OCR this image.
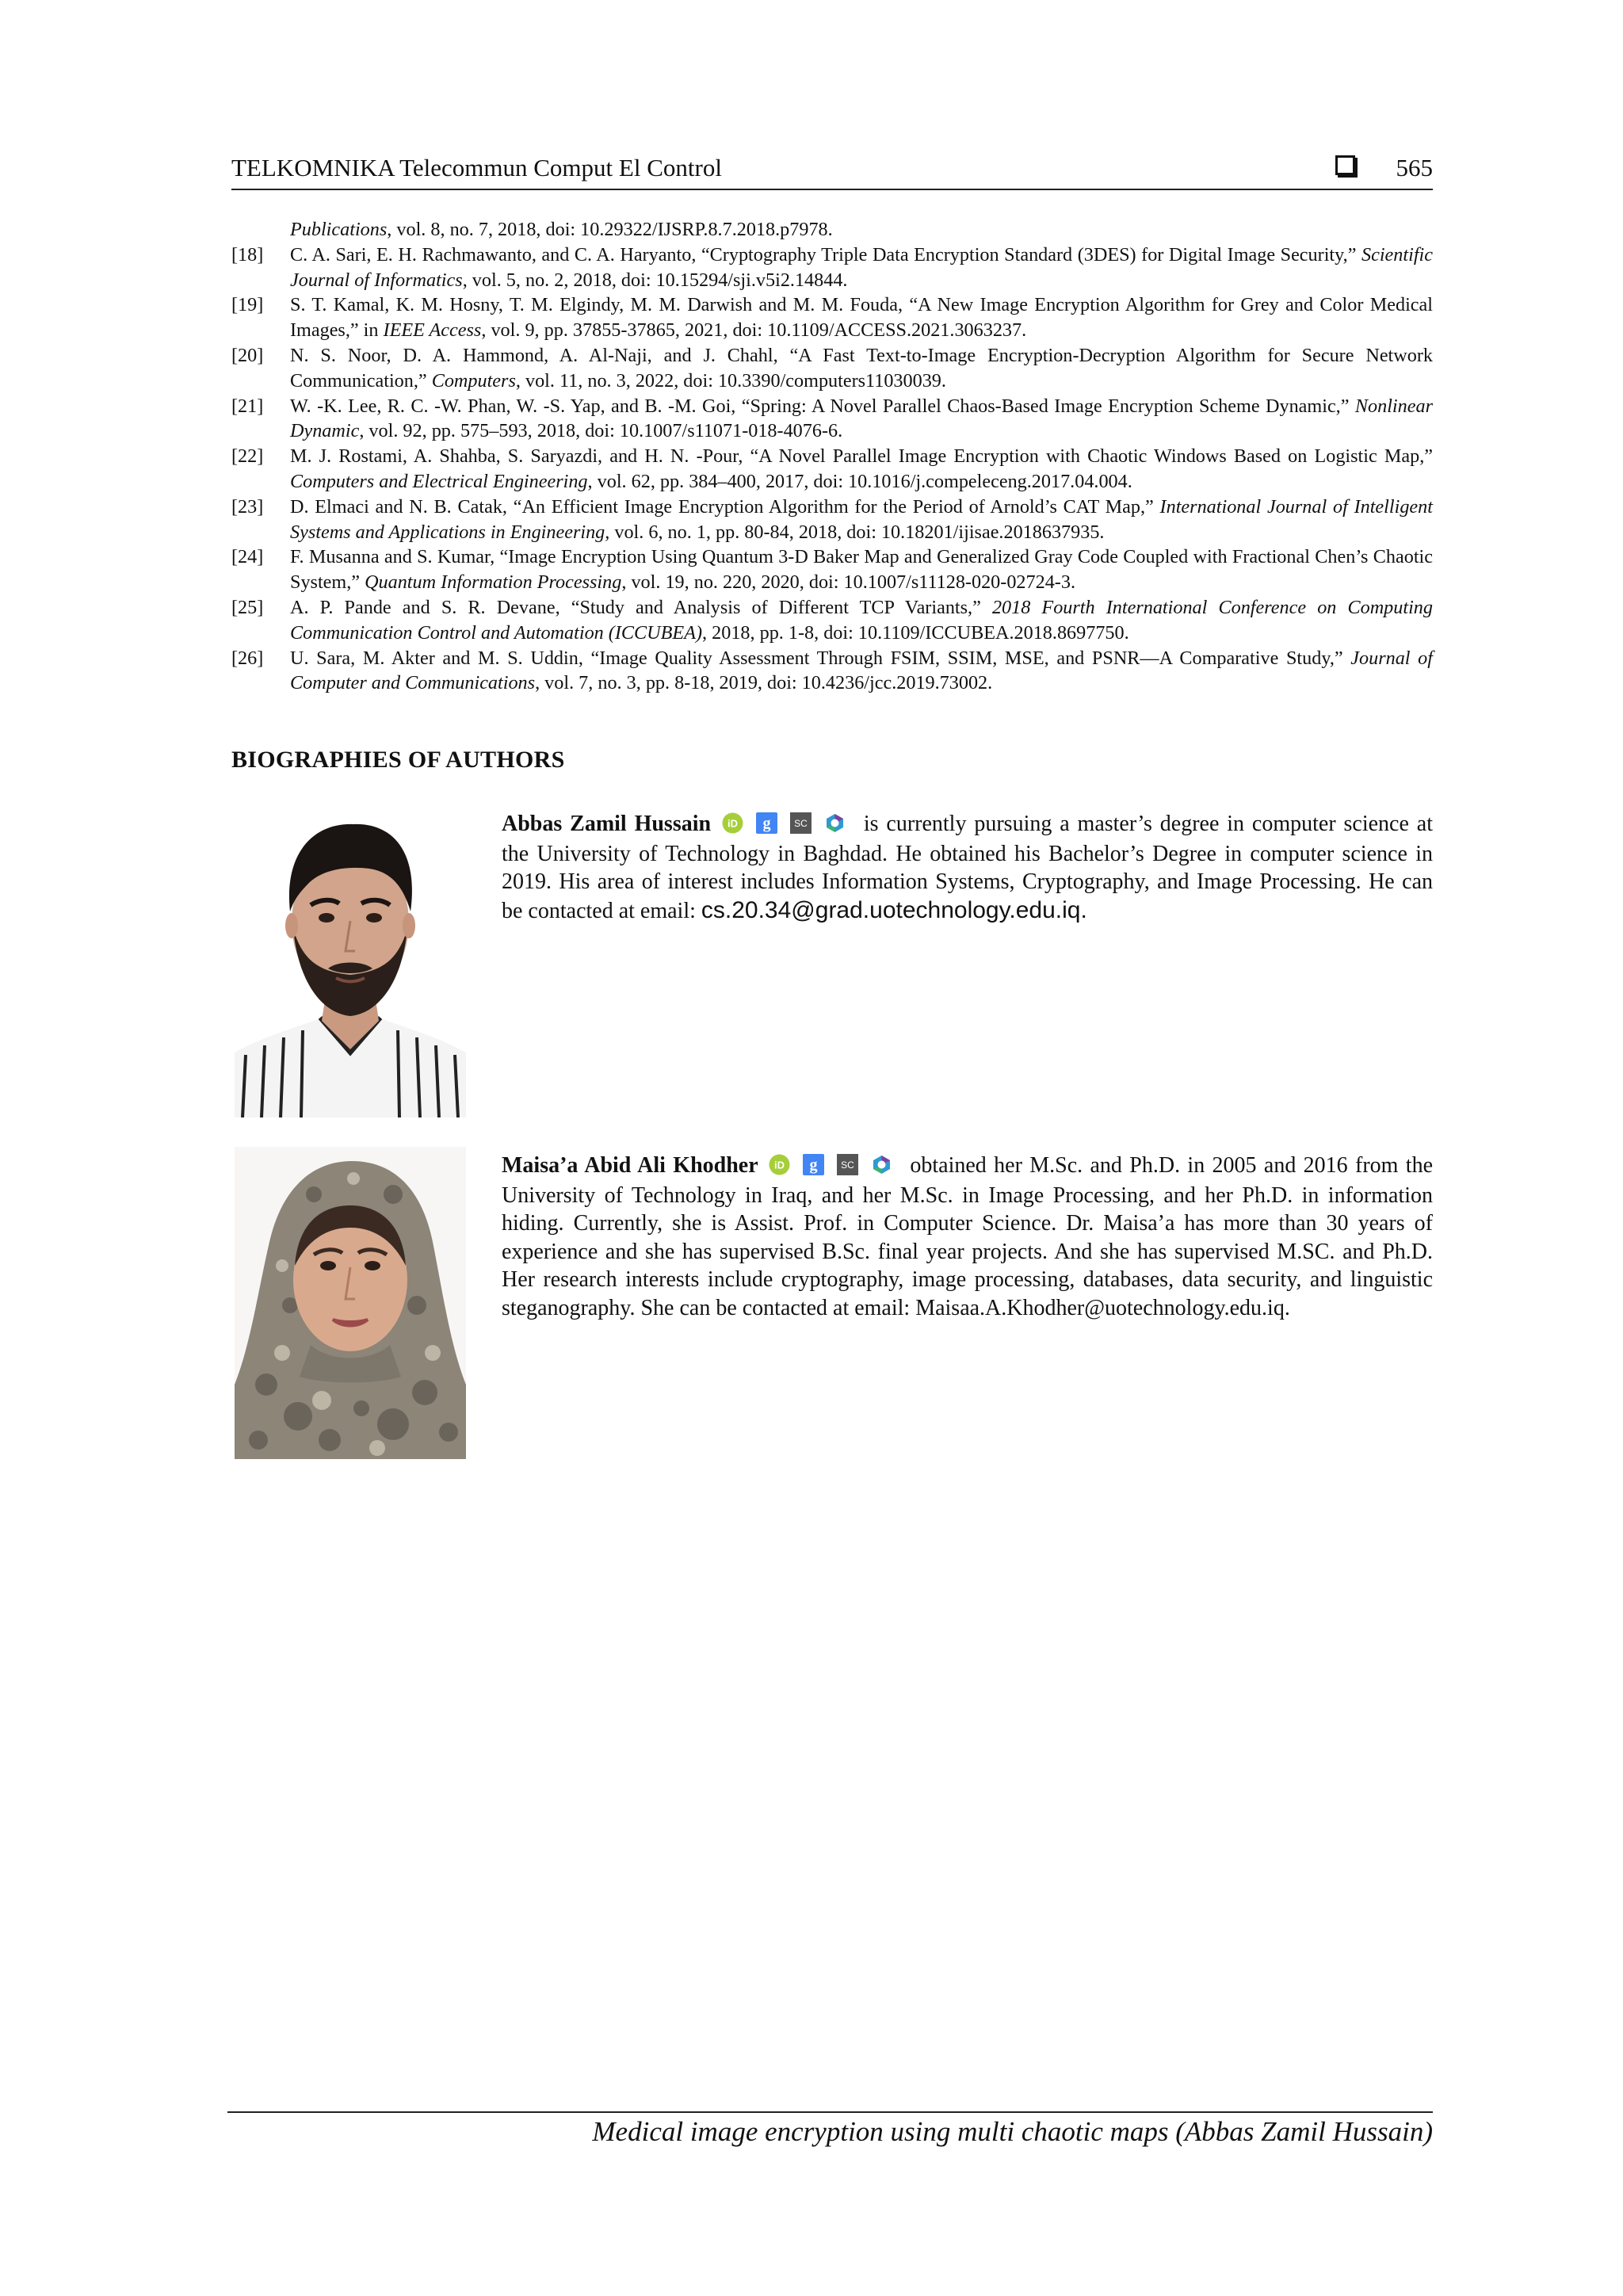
TELKOMNIKA Telecommun Comput El Control	565
Publications, vol. 8, no. 7, 2018, doi: 10.29322/IJSRP.8.7.2018.p7978.
[18] C. A. Sari, E. H. Rachmawanto, and C. A. Haryanto, “Cryptography Triple Data Encryption Standard (3DES) for Digital Image Security,” Scientific Journal of Informatics, vol. 5, no. 2, 2018, doi: 10.15294/sji.v5i2.14844.
[19] S. T. Kamal, K. M. Hosny, T. M. Elgindy, M. M. Darwish and M. M. Fouda, “A New Image Encryption Algorithm for Grey and Color Medical Images,” in IEEE Access, vol. 9, pp. 37855-37865, 2021, doi: 10.1109/ACCESS.2021.3063237.
[20] N. S. Noor, D. A. Hammond, A. Al-Naji, and J. Chahl, “A Fast Text-to-Image Encryption-Decryption Algorithm for Secure Network Communication,” Computers, vol. 11, no. 3, 2022, doi: 10.3390/computers11030039.
[21] W. -K. Lee, R. C. -W. Phan, W. -S. Yap, and B. -M. Goi, “Spring: A Novel Parallel Chaos-Based Image Encryption Scheme Dynamic,” Nonlinear Dynamic, vol. 92, pp. 575–593, 2018, doi: 10.1007/s11071-018-4076-6.
[22] M. J. Rostami, A. Shahba, S. Saryazdi, and H. N. -Pour, “A Novel Parallel Image Encryption with Chaotic Windows Based on Logistic Map,” Computers and Electrical Engineering, vol. 62, pp. 384–400, 2017, doi: 10.1016/j.compeleceng.2017.04.004.
[23] D. Elmaci and N. B. Catak, “An Efficient Image Encryption Algorithm for the Period of Arnold’s CAT Map,” International Journal of Intelligent Systems and Applications in Engineering, vol. 6, no. 1, pp. 80-84, 2018, doi: 10.18201/ijisae.2018637935.
[24] F. Musanna and S. Kumar, “Image Encryption Using Quantum 3-D Baker Map and Generalized Gray Code Coupled with Fractional Chen’s Chaotic System,” Quantum Information Processing, vol. 19, no. 220, 2020, doi: 10.1007/s11128-020-02724-3.
[25] A. P. Pande and S. R. Devane, “Study and Analysis of Different TCP Variants,” 2018 Fourth International Conference on Computing Communication Control and Automation (ICCUBEA), 2018, pp. 1-8, doi: 10.1109/ICCUBEA.2018.8697750.
[26] U. Sara, M. Akter and M. S. Uddin, “Image Quality Assessment Through FSIM, SSIM, MSE, and PSNR—A Comparative Study,” Journal of Computer and Communications, vol. 7, no. 3, pp. 8-18, 2019, doi: 10.4236/jcc.2019.73002.
BIOGRAPHIES OF AUTHORS
Abbas Zamil Hussain iD
g
SC is currently pursuing a master’s degree in computer science at the University of Technology in Baghdad. He obtained his Bachelor’s Degree in computer science in 2019. His area of interest includes Information Systems, Cryptography, and Image Processing. He can be contacted at email: cs.20.34@grad.uotechnology.edu.iq.
Maisa’a Abid Ali Khodher iD
g
SC obtained her M.Sc. and Ph.D. in 2005 and 2016 from the University of Technology in Iraq, and her M.Sc. in Image Processing, and her Ph.D. in information hiding. Currently, she is Assist. Prof. in Computer Science. Dr. Maisa’a has more than 30 years of experience and she has supervised B.Sc. final year projects. And she has supervised M.SC. and Ph.D. Her research interests include cryptography, image processing, databases, data security, and linguistic steganography. She can be contacted at email: Maisaa.A.Khodher@uotechnology.edu.iq.
Medical image encryption using multi chaotic maps (Abbas Zamil Hussain)
